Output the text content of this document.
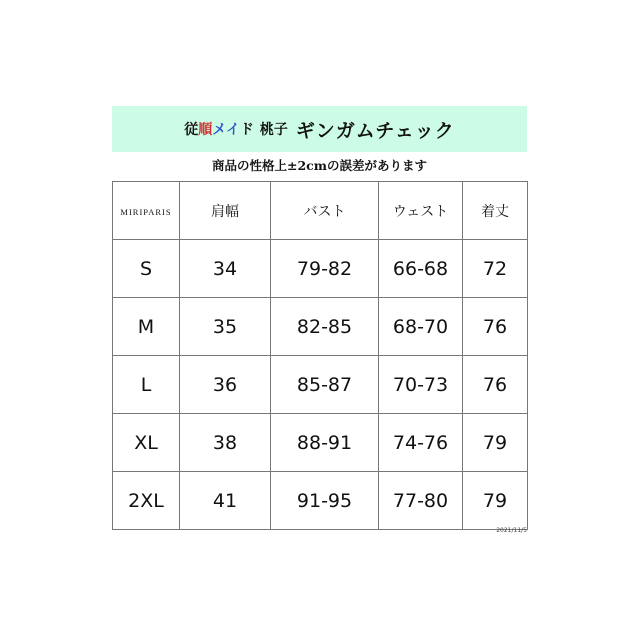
従順メイド 桃子 ギンガムチェック
商品の性格上±2cmの誤差があります
MIRIPARIS	肩幅	バスト	ウェスト	着丈
S	34	79-82	66-68	72
M	35	82-85	68-70	76
L	36	85-87	70-73	76
XL	38	88-91	74-76	79
2XL	41	91-95	77-80	79
2021/11/5
